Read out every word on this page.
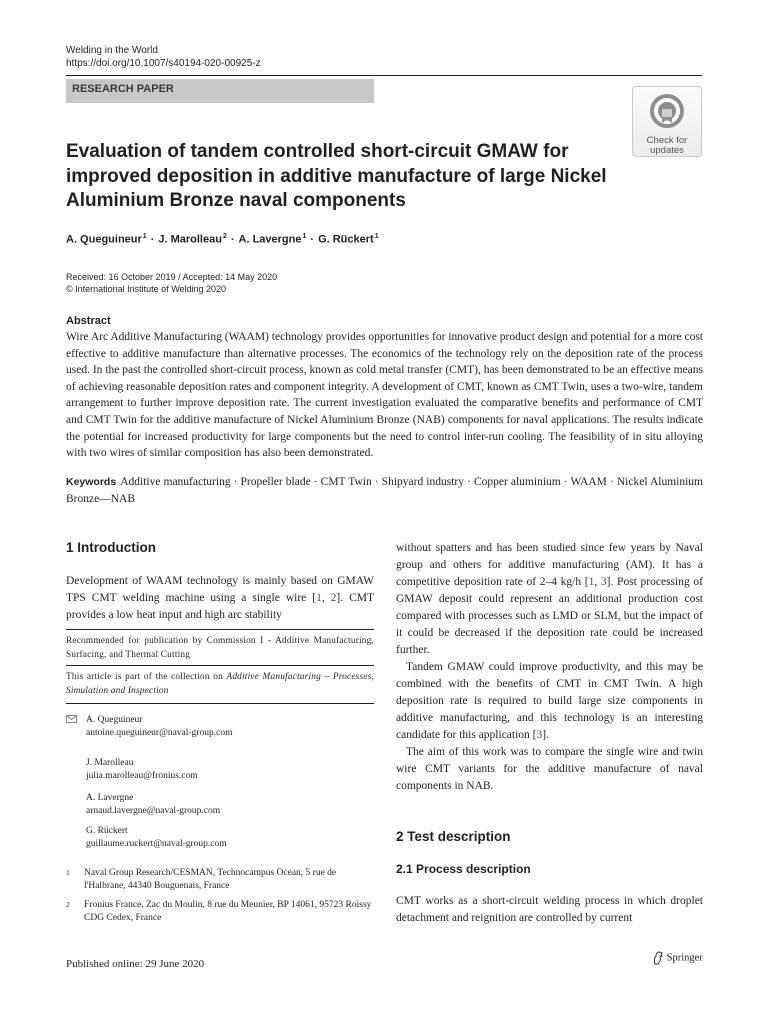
Welding in the World
https://doi.org/10.1007/s40194-020-00925-z
RESEARCH PAPER
Check for
updates
Evaluation of tandem controlled short-circuit GMAW for improved deposition in additive manufacture of large Nickel Aluminium Bronze naval components
A. Queguineur$^1$ · J. Marolleau$^2$ · A. Lavergne$^1$ · G. Rückert$^1$
Received: 16 October 2019 / Accepted: 14 May 2020
© International Institute of Welding 2020
Abstract
Wire Arc Additive Manufacturing (WAAM) technology provides opportunities for innovative product design and potential for a more cost effective to additive manufacture than alternative processes. The economics of the technology rely on the deposition rate of the process used. In the past the controlled short-circuit process, known as cold metal transfer (CMT), has been demonstrated to be an effective means of achieving reasonable deposition rates and component integrity. A development of CMT, known as CMT Twin, uses a two-wire, tandem arrangement to further improve deposition rate. The current investigation evaluated the comparative benefits and performance of CMT and CMT Twin for the additive manufacture of Nickel Aluminium Bronze (NAB) components for naval applications. The results indicate the potential for increased productivity for large components but the need to control inter-run cooling. The feasibility of in situ alloying with two wires of similar composition has also been demonstrated.
Keywords Additive manufacturing · Propeller blade · CMT Twin · Shipyard industry · Copper aluminium · WAAM · Nickel Aluminium Bronze—NAB
1 Introduction
Development of WAAM technology is mainly based on GMAW TPS CMT welding machine using a single wire [1, 2]. CMT provides a low heat input and high arc stability
Recommended for publication by Commission I - Additive Manufacturing, Surfacing, and Thermal Cutting
This article is part of the collection on Additive Manufacturing – Processes, Simulation and Inspection
A. Queguineur
antoine.queguineur@naval-group.com
J. Marolleau
julia.marolleau@fronius.com
A. Lavergne
arnaud.lavergne@naval-group.com
G. Rückert
guillaume.ruckert@naval-group.com
1 Naval Group Research/CESMAN, Technocampus Ocean, 5 rue de l'Halbrane, 44340 Bouguenais, France
2 Fronius France, Zac du Moulin, 8 rue du Meunier, BP 14061, 95723 Roissy CDG Cedex, France

without spatters and has been studied since few years by Naval group and others for additive manufacturing (AM). It has a competitive deposition rate of 2–4 kg/h [1, 3]. Post processing of GMAW deposit could represent an additional production cost compared with processes such as LMD or SLM, but the impact of it could be decreased if the deposition rate could be increased further.

Tandem GMAW could improve productivity, and this may be combined with the benefits of CMT in CMT Twin. A high deposition rate is required to build large size components in additive manufacturing, and this technology is an interesting candidate for this application [3].

The aim of this work was to compare the single wire and twin wire CMT variants for the additive manufacture of naval components in NAB.

2 Test description
2.1 Process description
CMT works as a short-circuit welding process in which droplet detachment and reignition are controlled by current
Published online: 29 June 2020	Springer
